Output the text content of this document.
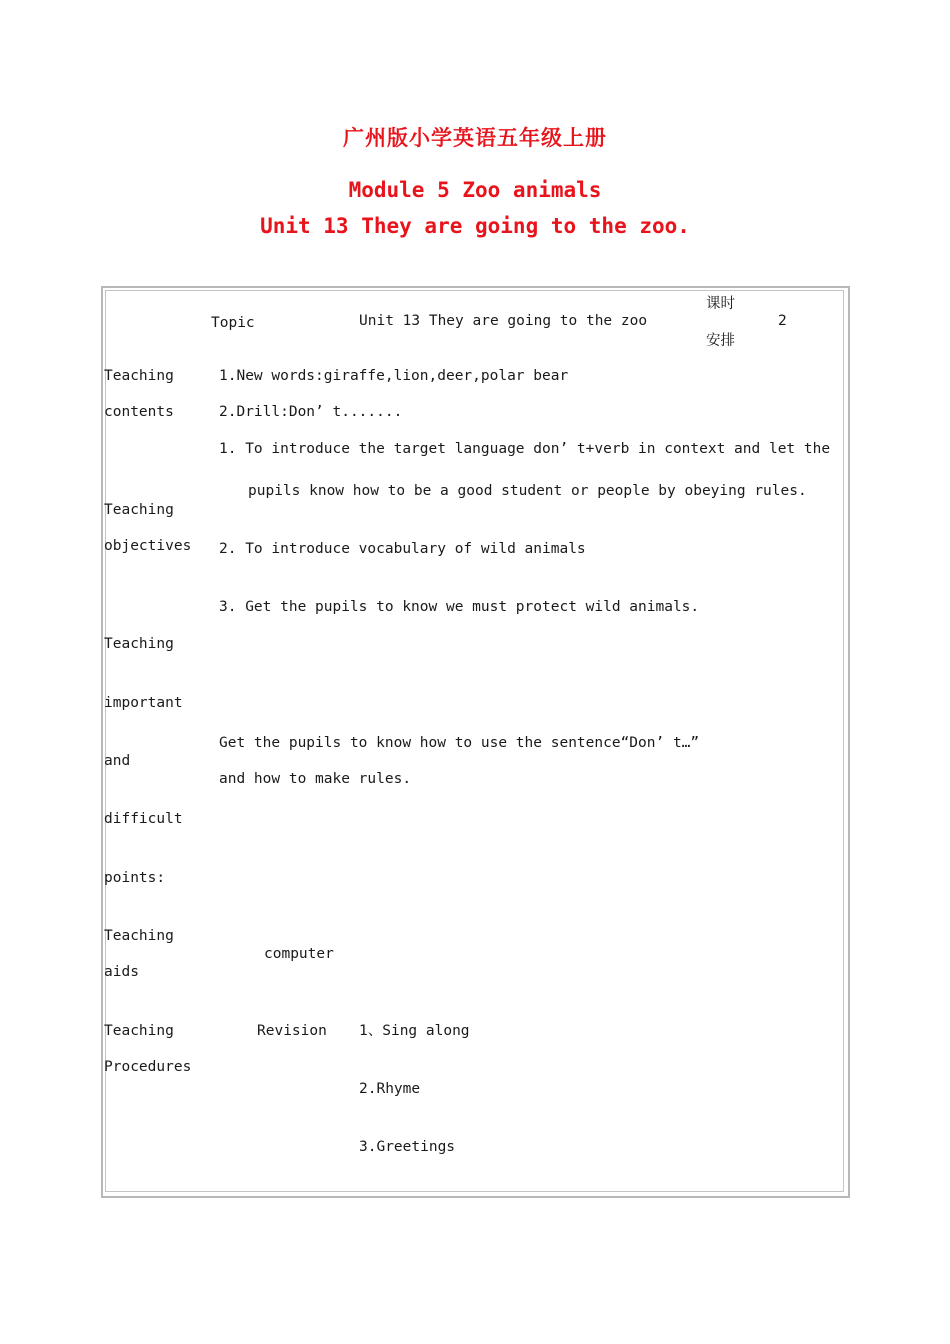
广州版小学英语五年级上册
Module 5 Zoo animals
Unit 13 They are going to the zoo.
Topic	Unit 13 They are going to the zoo
课时
安排
2
Teaching
contents
1.New words:giraffe,lion,deer,polar bear
2.Drill:Don’ t.......
Teaching
objectives
1. To introduce the target language don’ t+verb in context and let the
pupils know how to be a good student or people by obeying rules.
2. To introduce vocabulary of wild animals
3. Get the pupils to know we must protect wild animals.
Teaching
important
and
difficult
points:
Get the pupils to know how to use the sentence“Don’ t…”
and how to make rules.
Teaching
aids
computer
Teaching
Procedures
Revision 1、Sing along
2.Rhyme
3.Greetings
